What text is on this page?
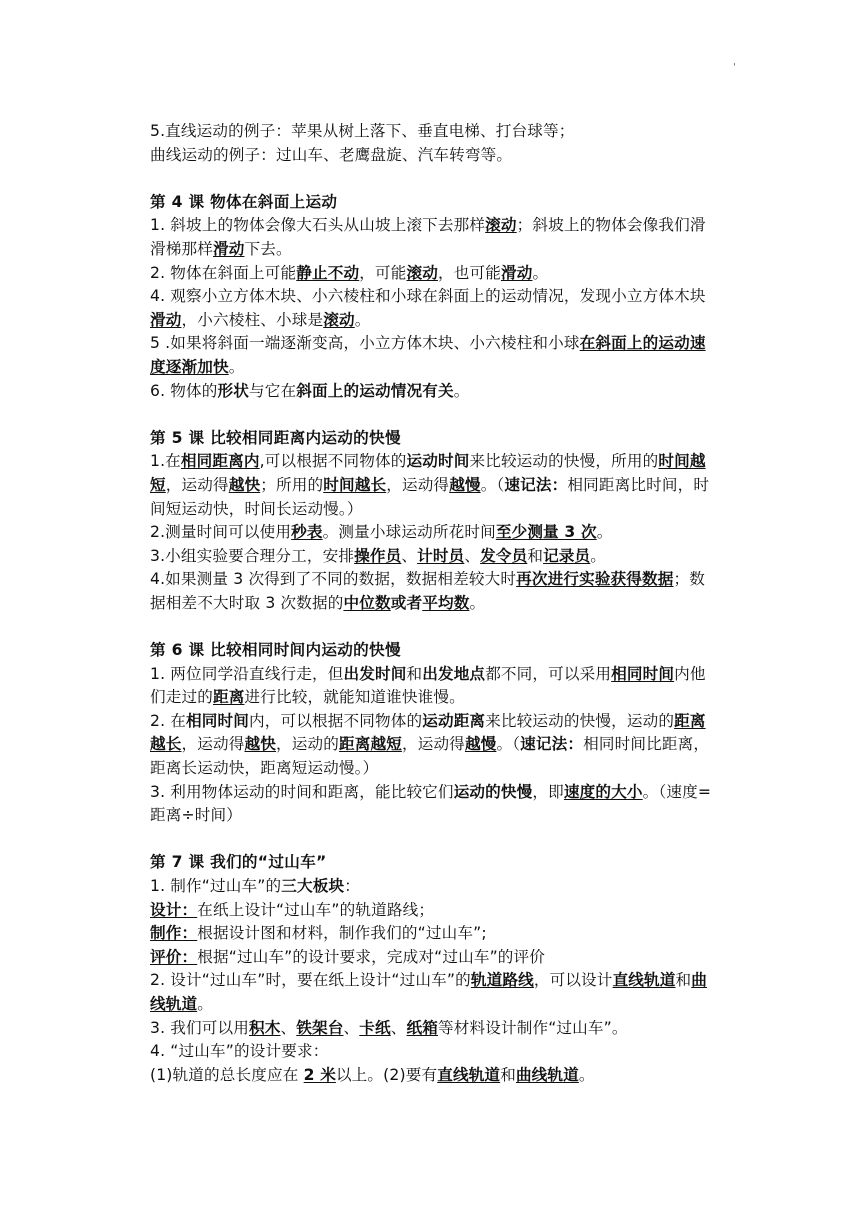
'

5.直线运动的例子：苹果从树上落下、垂直电梯、打台球等；

曲线运动的例子：过山车、老鹰盘旋、汽车转弯等。

第 4 课 物体在斜面上运动

1. 斜坡上的物体会像大石头从山坡上滚下去那样滚动；斜坡上的物体会像我们滑滑梯那样滑动下去。

2. 物体在斜面上可能静止不动，可能滚动，也可能滑动。

4. 观察小立方体木块、小六棱柱和小球在斜面上的运动情况，发现小立方体木块滑动，小六棱柱、小球是滚动。

5 .如果将斜面一端逐渐变高，小立方体木块、小六棱柱和小球在斜面上的运动速度逐渐加快。

6. 物体的形状与它在斜面上的运动情况有关。

第 5 课 比较相同距离内运动的快慢

1.在相同距离内,可以根据不同物体的运动时间来比较运动的快慢，所用的时间越短，运动得越快；所用的时间越长，运动得越慢。（速记法：相同距离比时间，时间短运动快，时间长运动慢。）

2.测量时间可以使用秒表。测量小球运动所花时间至少测量 3 次。

3.小组实验要合理分工，安排操作员、计时员、发令员和记录员。

4.如果测量 3 次得到了不同的数据，数据相差较大时再次进行实验获得数据；数据相差不大时取 3 次数据的中位数或者平均数。

第 6 课 比较相同时间内运动的快慢

1. 两位同学沿直线行走，但出发时间和出发地点都不同，可以采用相同时间内他们走过的距离进行比较，就能知道谁快谁慢。

2. 在相同时间内，可以根据不同物体的运动距离来比较运动的快慢，运动的距离越长，运动得越快，运动的距离越短，运动得越慢。（速记法：相同时间比距离，距离长运动快，距离短运动慢。）

3. 利用物体运动的时间和距离，能比较它们运动的快慢，即速度的大小。（速度=距离÷时间）

第 7 课 我们的“过山车”

1. 制作“过山车”的三大板块：

设计：在纸上设计“过山车”的轨道路线；

制作：根据设计图和材料，制作我们的“过山车”;

评价：根据“过山车”的设计要求，完成对“过山车”的评价

2. 设计“过山车”时，要在纸上设计“过山车”的轨道路线，可以设计直线轨道和曲线轨道。

3. 我们可以用积木、铁架台、卡纸、纸箱等材料设计制作“过山车”。

4. “过山车”的设计要求：

(1)轨道的总长度应在 2 米以上。(2)要有直线轨道和曲线轨道。
